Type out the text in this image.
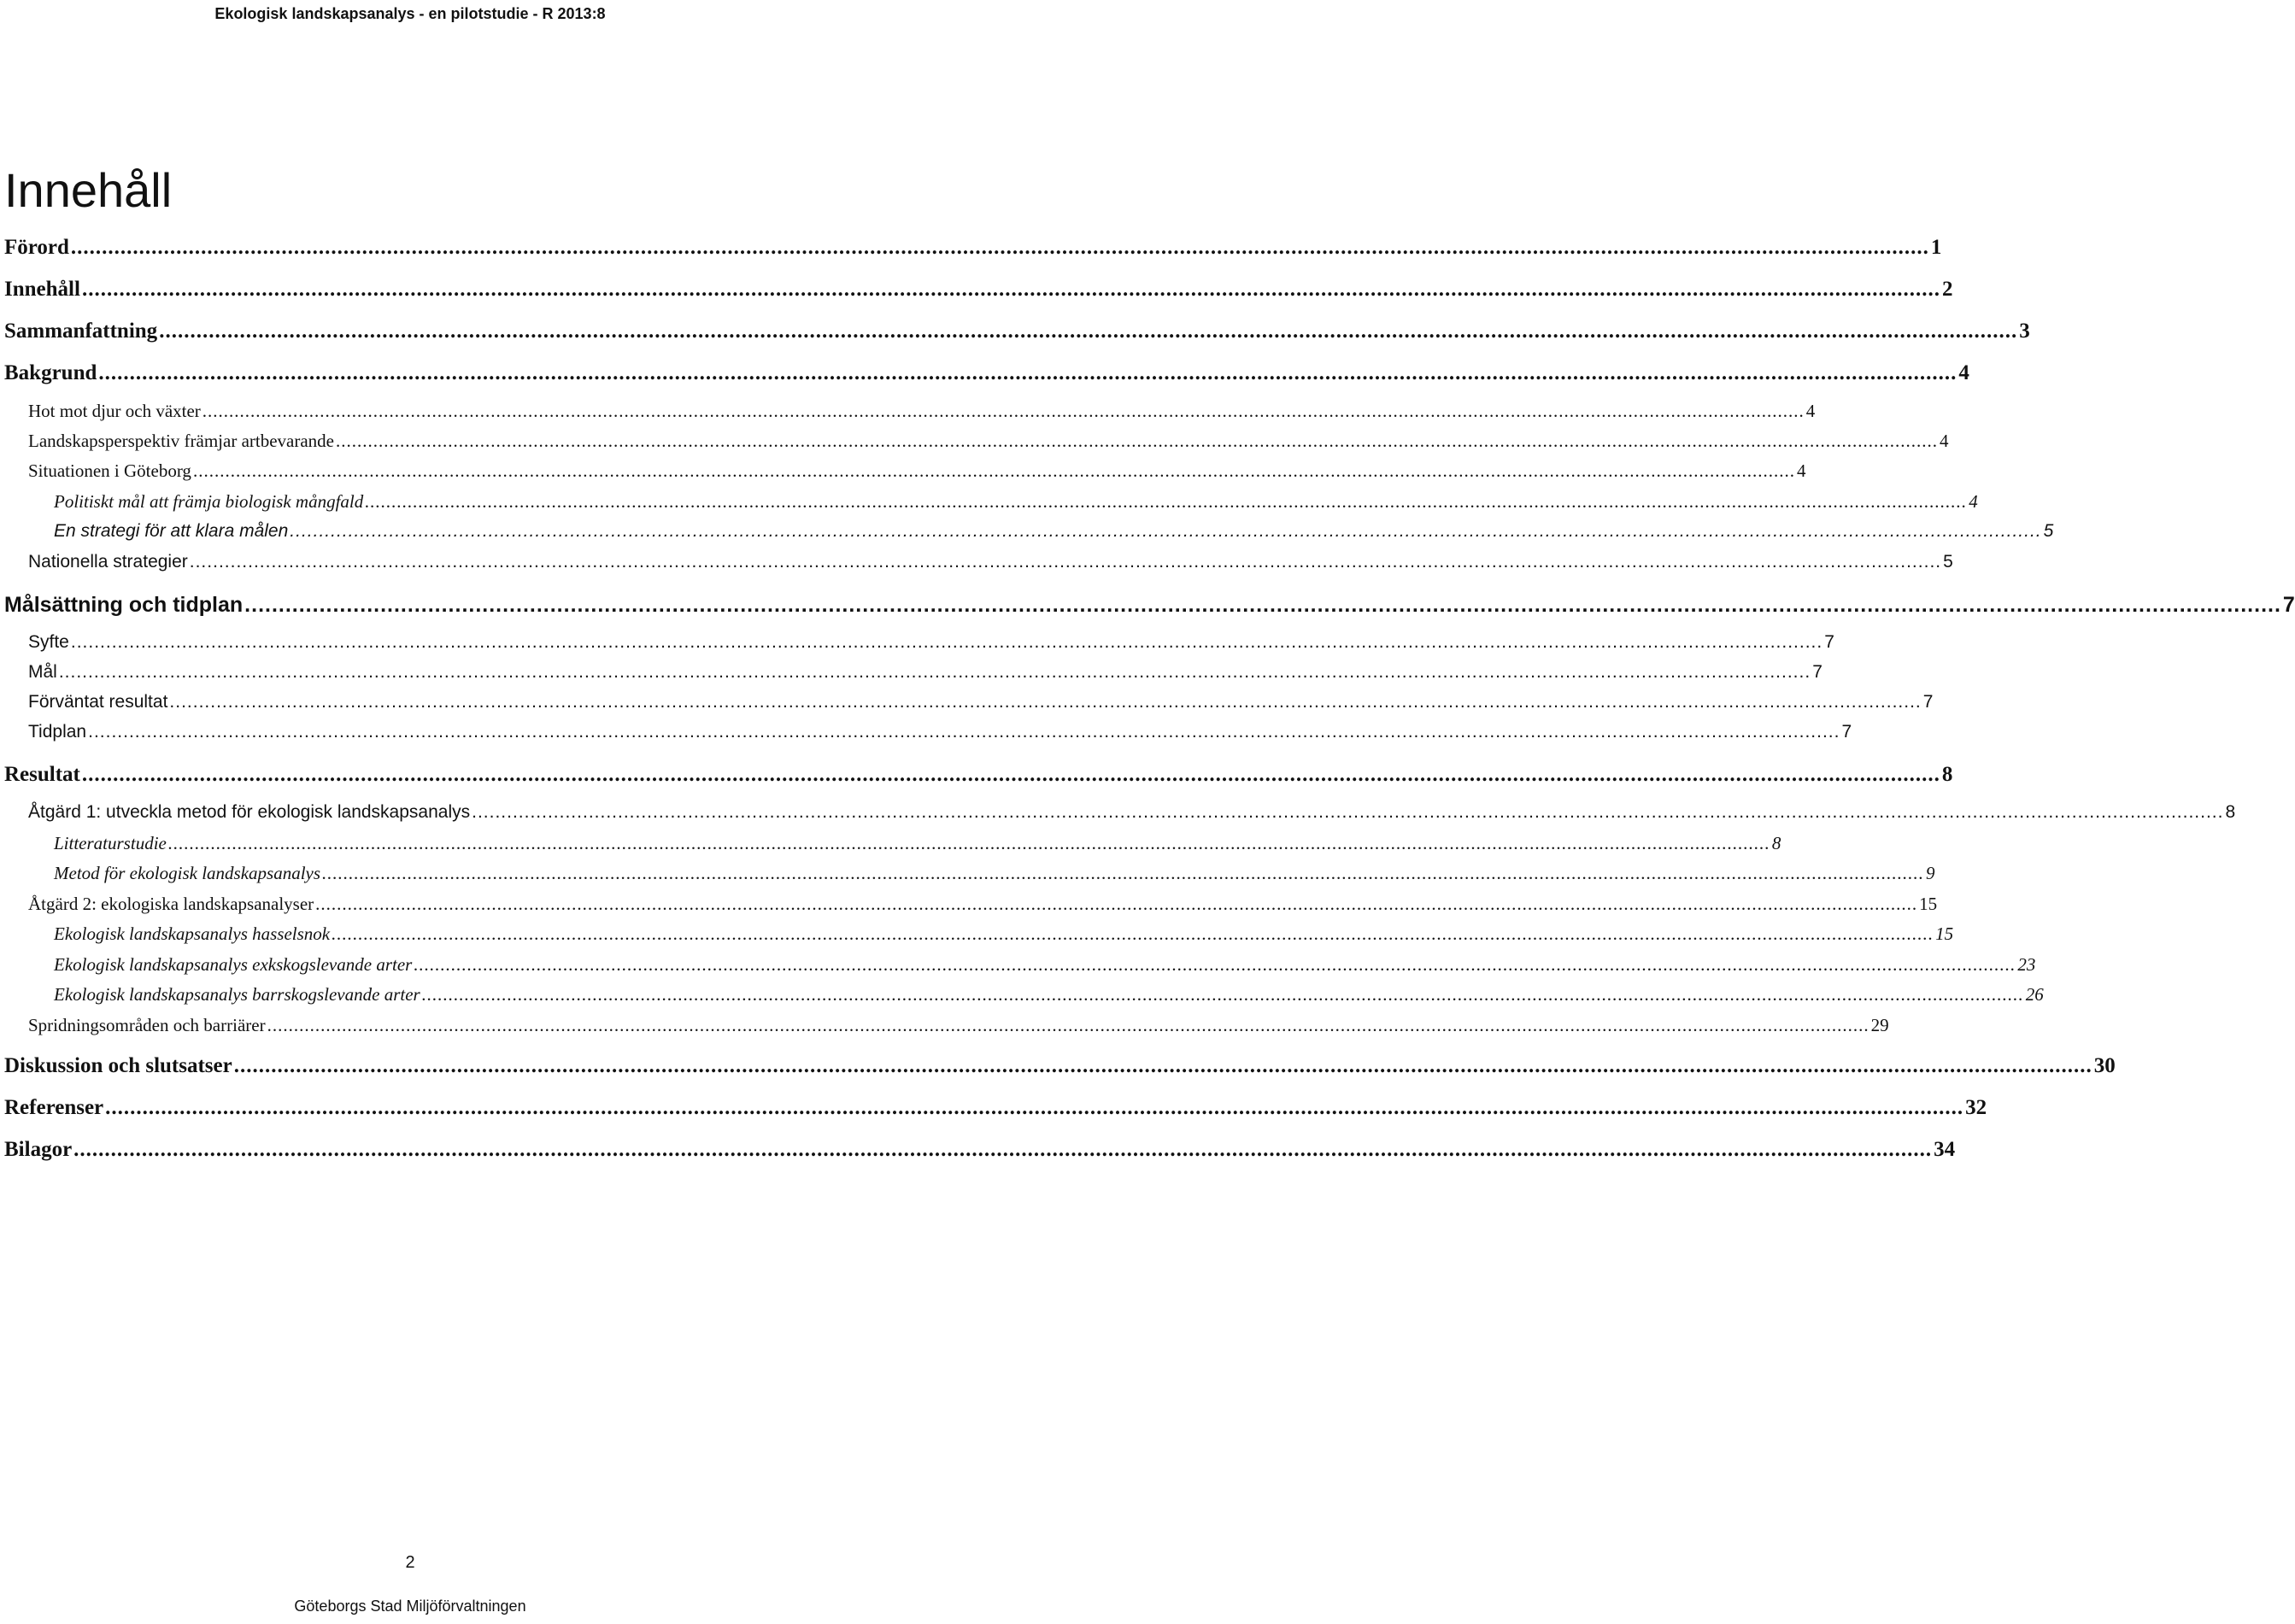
Ekologisk landskapsanalys - en pilotstudie - R 2013:8
Innehåll
Förord ............................................................................................................................................................................................................................................................................................................ 1
Innehåll ............................................................................................................................................................................................................................................................................................................ 2
Sammanfattning ............................................................................................................................................................................................................................................................................................................ 3
Bakgrund ............................................................................................................................................................................................................................................................................................................ 4
Hot mot djur och växter ............................................................................................................................................................................................................................................................................................................ 4
Landskapsperspektiv främjar artbevarande ............................................................................................................................................................................................................................................................................................................ 4
Situationen i Göteborg ............................................................................................................................................................................................................................................................................................................ 4
Politiskt mål att främja biologisk mångfald ............................................................................................................................................................................................................................................................................................................ 4
En strategi för att klara målen ............................................................................................................................................................................................................................................................................................................ 5
Nationella strategier ............................................................................................................................................................................................................................................................................................................ 5
Målsättning och tidplan ............................................................................................................................................................................................................................................................................................................ 7
Syfte ............................................................................................................................................................................................................................................................................................................ 7
Mål ............................................................................................................................................................................................................................................................................................................ 7
Förväntat resultat ............................................................................................................................................................................................................................................................................................................ 7
Tidplan ............................................................................................................................................................................................................................................................................................................ 7
Resultat ............................................................................................................................................................................................................................................................................................................ 8
Åtgärd 1: utveckla metod för ekologisk landskapsanalys ............................................................................................................................................................................................................................................................................................................ 8
Litteraturstudie ............................................................................................................................................................................................................................................................................................................ 8
Metod för ekologisk landskapsanalys ............................................................................................................................................................................................................................................................................................................ 9
Åtgärd 2: ekologiska landskapsanalyser ............................................................................................................................................................................................................................................................................................................ 15
Ekologisk landskapsanalys hasselsnok ............................................................................................................................................................................................................................................................................................................ 15
Ekologisk landskapsanalys exkskogslevande arter ............................................................................................................................................................................................................................................................................................................ 23
Ekologisk landskapsanalys barrskogslevande arter ............................................................................................................................................................................................................................................................................................................ 26
Spridningsområden och barriärer ............................................................................................................................................................................................................................................................................................................ 29
Diskussion och slutsatser ............................................................................................................................................................................................................................................................................................................ 30
Referenser ............................................................................................................................................................................................................................................................................................................ 32
Bilagor ............................................................................................................................................................................................................................................................................................................ 34
2
Göteborgs Stad Miljöförvaltningen
